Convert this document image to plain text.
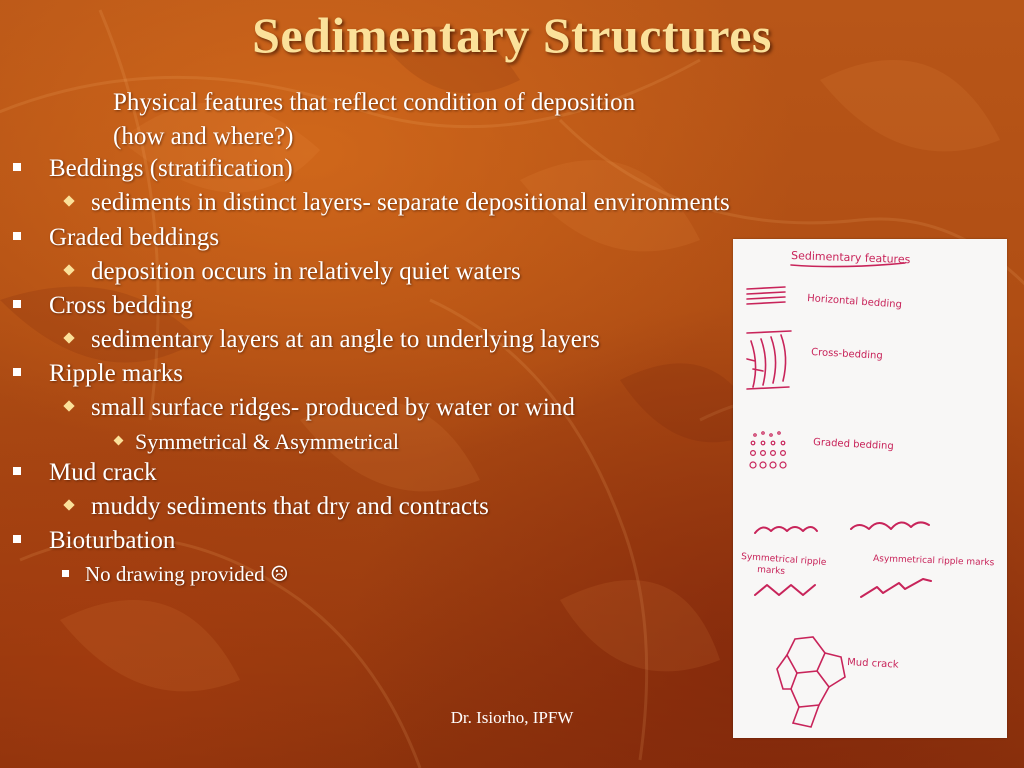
Sedimentary Structures
Physical features that reflect condition of deposition
(how and where?)
Beddings (stratification)
sediments in distinct layers- separate depositional environments
Graded beddings
deposition occurs in relatively quiet waters
Cross bedding
sedimentary layers at an angle to underlying layers
Ripple marks
small surface ridges- produced by water or wind
Symmetrical & Asymmetrical
Mud crack
muddy sediments that dry and contracts
Bioturbation
No drawing provided ☹
Sedimentary features
Horizontal bedding
Cross-bedding
Graded bedding
Symmetrical ripple
marks
Asymmetrical ripple marks
Mud crack
Dr. Isiorho, IPFW
